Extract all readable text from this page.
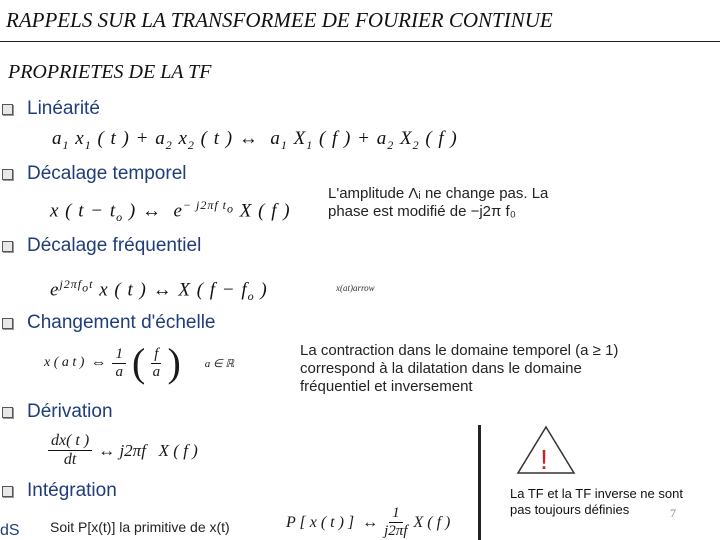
RAPPELS SUR LA TRANSFORMEE DE FOURIER CONTINUE
PROPRIETES DE LA TF
Linéarité
$a_1$ $x_1$ ( t ) + $a_2$ $x_2$ ( t ) ↔  $a_1$ $X_1$ ( f ) + $a_2$ $X_2$ ( f )
Décalage temporel
x ( $t - t_o$ ) ↔  $e^{- j2\pi f t_o}$ X ( f )
L'amplitude Λᵢ ne change pas. La
phase est modifié de −j2π f₀
Décalage fréquentiel
$e^{j2\pi f_ot}$ x ( t ) ↔ X ( $f - f_o$ )	x(at)arrow
Changement d'échelle
x ( a t ) ⇔ $\frac{1}{a}$ ( $\frac{f}{a}$ ) a ∈ ℝ
La contraction dans le domaine temporel (a ≥ 1)
correspond à la dilatation dans le domaine
fréquentiel et inversement
Dérivation
$\frac{dx( t )}{dt}$ ↔ j2πf   X ( f )
Intégration
Soit P[x(t)] la primitive de x(t)	P [ x ( t ) ]  ↔ $\frac{1}{j2\pi f}$ X ( f )
!
La TF et la TF inverse ne sont
pas toujours définies	7
dS
